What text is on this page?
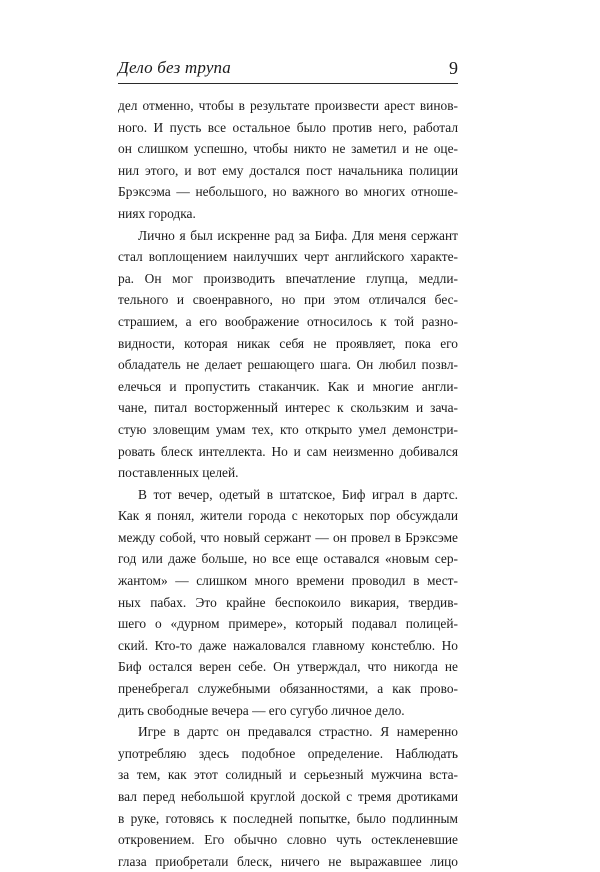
Дело без трупа	9
дел отменно, чтобы в результате произвести арест винов-
ного. И пусть все остальное было против него, работал
он слишком успешно, чтобы никто не заметил и не оце-
нил этого, и вот ему достался пост начальника полиции
Брэксэма — небольшого, но важного во многих отноше-
ниях городка.
Лично я был искренне рад за Бифа. Для меня сержант
стал воплощением наилучших черт английского характе-
ра. Он мог производить впечатление глупца, медли-
тельного и своенравного, но при этом отличался бес-
страшием, а его воображение относилось к той разно-
видности, которая никак себя не проявляет, пока его
обладатель не делает решающего шага. Он любил позвл-
елечься и пропустить стаканчик. Как и многие англи-
чане, питал восторженный интерес к скользким и зача-
стую зловещим умам тех, кто открыто умел демонстри-
ровать блеск интеллекта. Но и сам неизменно добивался
поставленных целей.
В тот вечер, одетый в штатское, Биф играл в дартс.
Как я понял, жители города с некоторых пор обсуждали
между собой, что новый сержант — он провел в Брэксэме
год или даже больше, но все еще оставался «новым сер-
жантом» — слишком много времени проводил в мест-
ных пабах. Это крайне беспокоило викария, твердив-
шего о «дурном примере», который подавал полицей-
ский. Кто-то даже нажаловался главному констеблю. Но
Биф остался верен себе. Он утверждал, что никогда не
пренебрегал служебными обязанностями, а как прово-
дить свободные вечера — его сугубо личное дело.
Игре в дартс он предавался страстно. Я намеренно
употребляю здесь подобное определение. Наблюдать
за тем, как этот солидный и серьезный мужчина вста-
вал перед небольшой круглой доской с тремя дротиками
в руке, готовясь к последней попытке, было подлинным
откровением. Его обычно словно чуть остекленевшие
глаза приобретали блеск, ничего не выражавшее лицо
